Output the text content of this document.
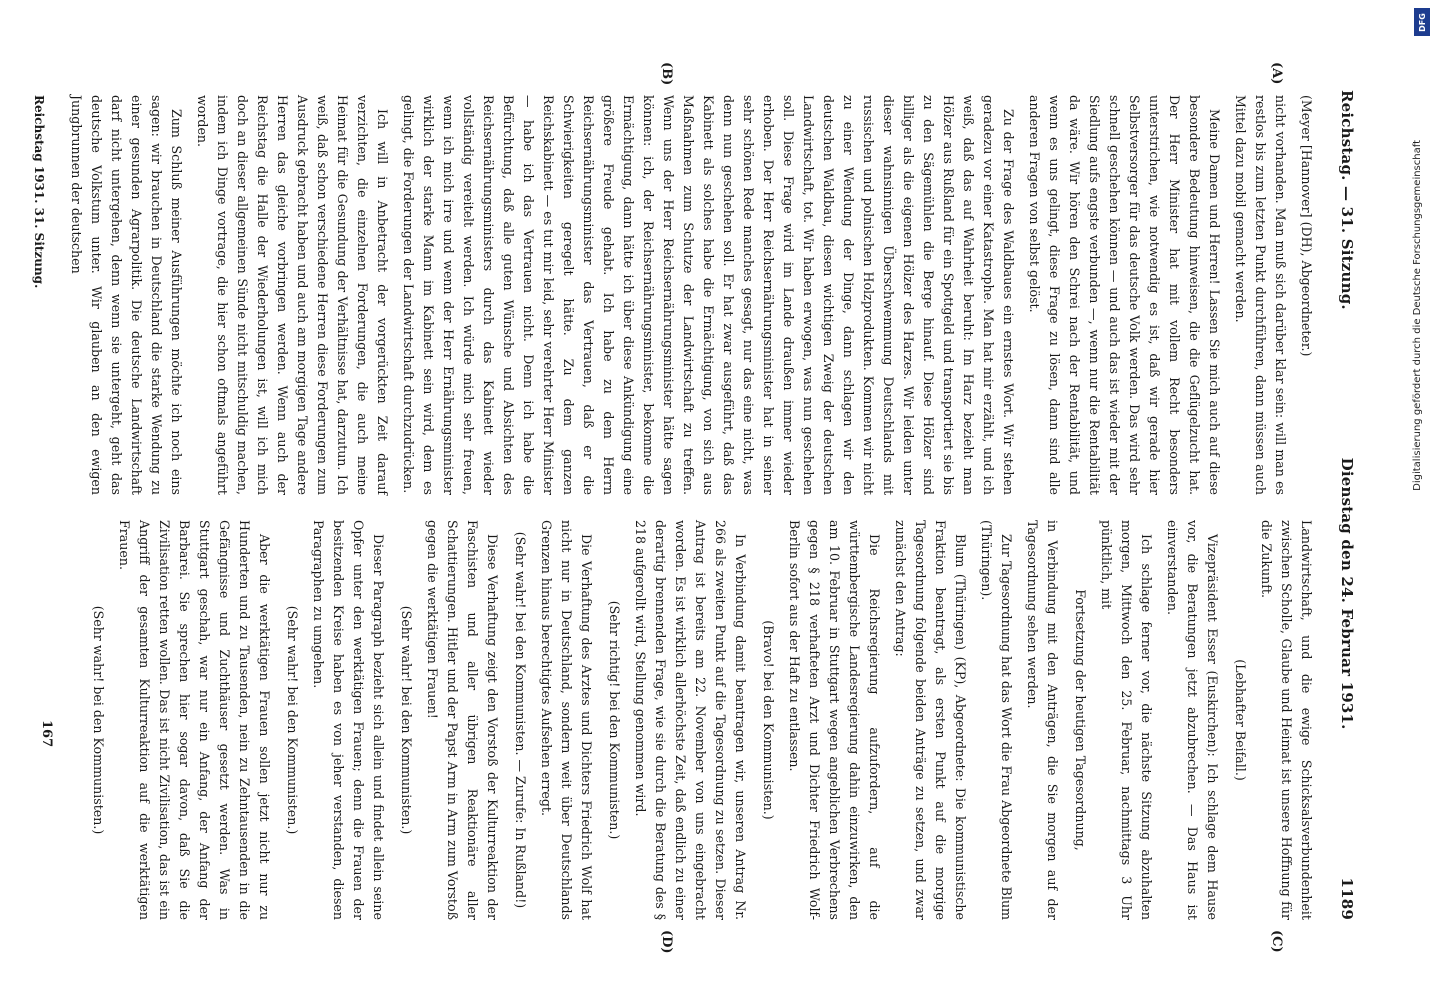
Reichstag. — 31. Sitzung.
Dienstag den 24. Februar 1931.
1189
(A)
(B)
(C)
(D)

(Meyer [Hannover] (DH), Abgeordneter.)

nicht vorhanden. Man muß sich darüber klar sein: will man es restlos bis zum letzten Punkt durchführen, dann müssen auch Mittel dazu mobil gemacht werden.

Meine Damen und Herren! Lassen Sie mich auch auf diese besondere Bedeutung hinweisen, die die Geflügelzucht hat. Der Herr Minister hat mit vollem Recht besonders unterstrichen, wie notwendig es ist, daß wir gerade hier Selbstversorger für das deutsche Volk werden. Das wird sehr schnell geschehen können — und auch das ist wieder mit der Siedlung aufs engste verbunden —, wenn nur die Rentabilität da wäre. Wir hören den Schrei nach der Rentabilität, und wenn es uns gelingt, diese Frage zu lösen, dann sind alle anderen Fragen von selbst gelöst.

Zu der Frage des Waldbaues ein ernstes Wort. Wir stehen geradezu vor einer Katastrophe. Man hat mir erzählt, und ich weiß, daß das auf Wahrheit beruht: Im Harz bezieht man Hölzer aus Rußland für ein Spottgeld und transportiert sie bis zu den Sägemühlen die Berge hinauf. Diese Hölzer sind billiger als die eigenen Hölzer des Harzes. Wir leiden unter dieser wahnsinnigen Überschwemmung Deutschlands mit russischen und polnischen Holzprodukten. Kommen wir nicht zu einer Wendung der Dinge, dann schlagen wir den deutschen Waldbau, diesen wichtigen Zweig der deutschen Landwirtschaft, tot. Wir haben erwogen, was nun geschehen soll. Diese Frage wird im Lande draußen immer wieder erhoben. Der Herr Reichsernährungsminister hat in seiner sehr schönen Rede manches gesagt, nur das eine nicht, was denn nun geschehen soll. Er hat zwar ausgeführt, daß das Kabinett als solches habe die Ermächtigung, von sich aus Maßnahmen zum Schutze der Landwirtschaft zu treffen. Wenn uns der Herr Reichsernährungsminister hätte sagen können: ich, der Reichsernährungsminister, bekomme die Ermächtigung, dann hätte ich über diese Ankündigung eine größere Freude gehabt. Ich habe zu dem Herrn Reichsernährungsminister das Vertrauen, daß er die Schwierigkeiten geregelt hätte. Zu dem ganzen Reichskabinett — es tut mir leid, sehr verehrter Herr Minister — habe ich das Vertrauen nicht. Denn ich habe die Befürchtung, daß alle guten Wünsche und Absichten des Reichsernährungsministers durch das Kabinett wieder vollständig vereitelt werden. Ich würde mich sehr freuen, wenn ich mich irre und wenn der Herr Ernährungsminister wirklich der starke Mann im Kabinett sein wird, dem es gelingt, die Forderungen der Landwirtschaft durchzudrücken.

Ich will in Anbetracht der vorgerückten Zeit darauf verzichten, die einzelnen Forderungen, die auch meine Heimat für die Gesundung der Verhältnisse hat, darzutun. Ich weiß, daß schon verschiedene Herren diese Forderungen zum Ausdruck gebracht haben und auch am morgigen Tage andere Herren das gleiche vorbringen werden. Wenn auch der Reichstag die Halle der Wiederholungen ist, will ich mich doch an dieser allgemeinen Sünde nicht mitschuldig machen, indem ich Dinge vortrage, die hier schon oftmals angeführt worden.

Zum Schluß meiner Ausführungen möchte ich noch eins sagen: wir brauchen in Deutschland die starke Wendung zu einer gesunden Agrarpolitik. Die deutsche Landwirtschaft darf nicht untergehen, denn wenn sie untergeht, geht das deutsche Volkstum unter. Wir glauben an den ewigen Jungbrunnen der deutschen

Landwirtschaft, und die ewige Schicksalsverbundenheit zwischen Scholle, Glaube und Heimat ist unsere Hoffnung für die Zukunft.

(Lebhafter Beifall.)

Vizepräsident Esser (Euskirchen): Ich schlage dem Hause vor, die Beratungen jetzt abzubrechen. — Das Haus ist einverstanden.

Ich schlage ferner vor, die nächste Sitzung abzuhalten morgen, Mittwoch den 25. Februar, nachmittags 3 Uhr pünktlich, mit

Fortsetzung der heutigen Tagesordnung,

in Verbindung mit den Anträgen, die Sie morgen auf der Tagesordnung sehen werden.

Zur Tagesordnung hat das Wort die Frau Abgeordnete Blum (Thüringen).

Blum (Thüringen) (KP), Abgeordnete: Die kommunistische Fraktion beantragt, als ersten Punkt auf die morgige Tagesordnung folgende beiden Anträge zu setzen, und zwar zunächst den Antrag:

Die Reichsregierung aufzufordern, auf die württembergische Landesregierung dahin einzuwirken, den am 10. Februar in Stuttgart wegen angeblichen Verbrechens gegen § 218 verhafteten Arzt und Dichter Friedrich Wolf-Berlin sofort aus der Haft zu entlassen.

(Bravo! bei den Kommunisten.)

In Verbindung damit beantragen wir, unseren Antrag Nr. 266 als zweiten Punkt auf die Tagesordnung zu setzen. Dieser Antrag ist bereits am 22. November von uns eingebracht worden. Es ist wirklich allerhöchste Zeit, daß endlich zu einer derartig brennenden Frage, wie sie durch die Beratung des § 218 aufgerollt wird, Stellung genommen wird.

(Sehr richtig! bei den Kommunisten.)

Die Verhaftung des Arztes und Dichters Friedrich Wolf hat nicht nur in Deutschland, sondern weit über Deutschlands Grenzen hinaus berechtigtes Aufsehen erregt.

(Sehr wahr! bei den Kommunisten. — Zurufe: In Rußland!)

Diese Verhaftung zeigt den Vorstoß der Kulturreaktion der Faschisten und aller übrigen Reaktionäre aller Schattierungen. Hitler und der Papst Arm in Arm zum Vorstoß gegen die werktätigen Frauen!

(Sehr wahr! bei den Kommunisten.)

Dieser Paragraph bezieht sich allein und findet allein seine Opfer unter den werktätigen Frauen; denn die Frauen der besitzenden Kreise haben es von jeher verstanden, diesen Paragraphen zu umgehen.

(Sehr wahr! bei den Kommunisten.)

Aber die werktätigen Frauen sollen jetzt nicht nur zu Hunderten und zu Tausenden, nein zu Zehntausenden in die Gefängnisse und Zuchthäuser gesetzt werden. Was in Stuttgart geschah, war nur ein Anfang, der Anfang der Barbarei. Sie sprechen hier sogar davon, daß Sie die Zivilisation retten wollen. Das ist nicht Zivilisation, das ist ein Angriff der gesamten Kulturreaktion auf die werktätigen Frauen.

(Sehr wahr! bei den Kommunisten.)

Reichstag 1931. 31. Sitzung.
167
Digitalisierung gefördert durch die Deutsche Forschungsgemeinschaft
DFG
